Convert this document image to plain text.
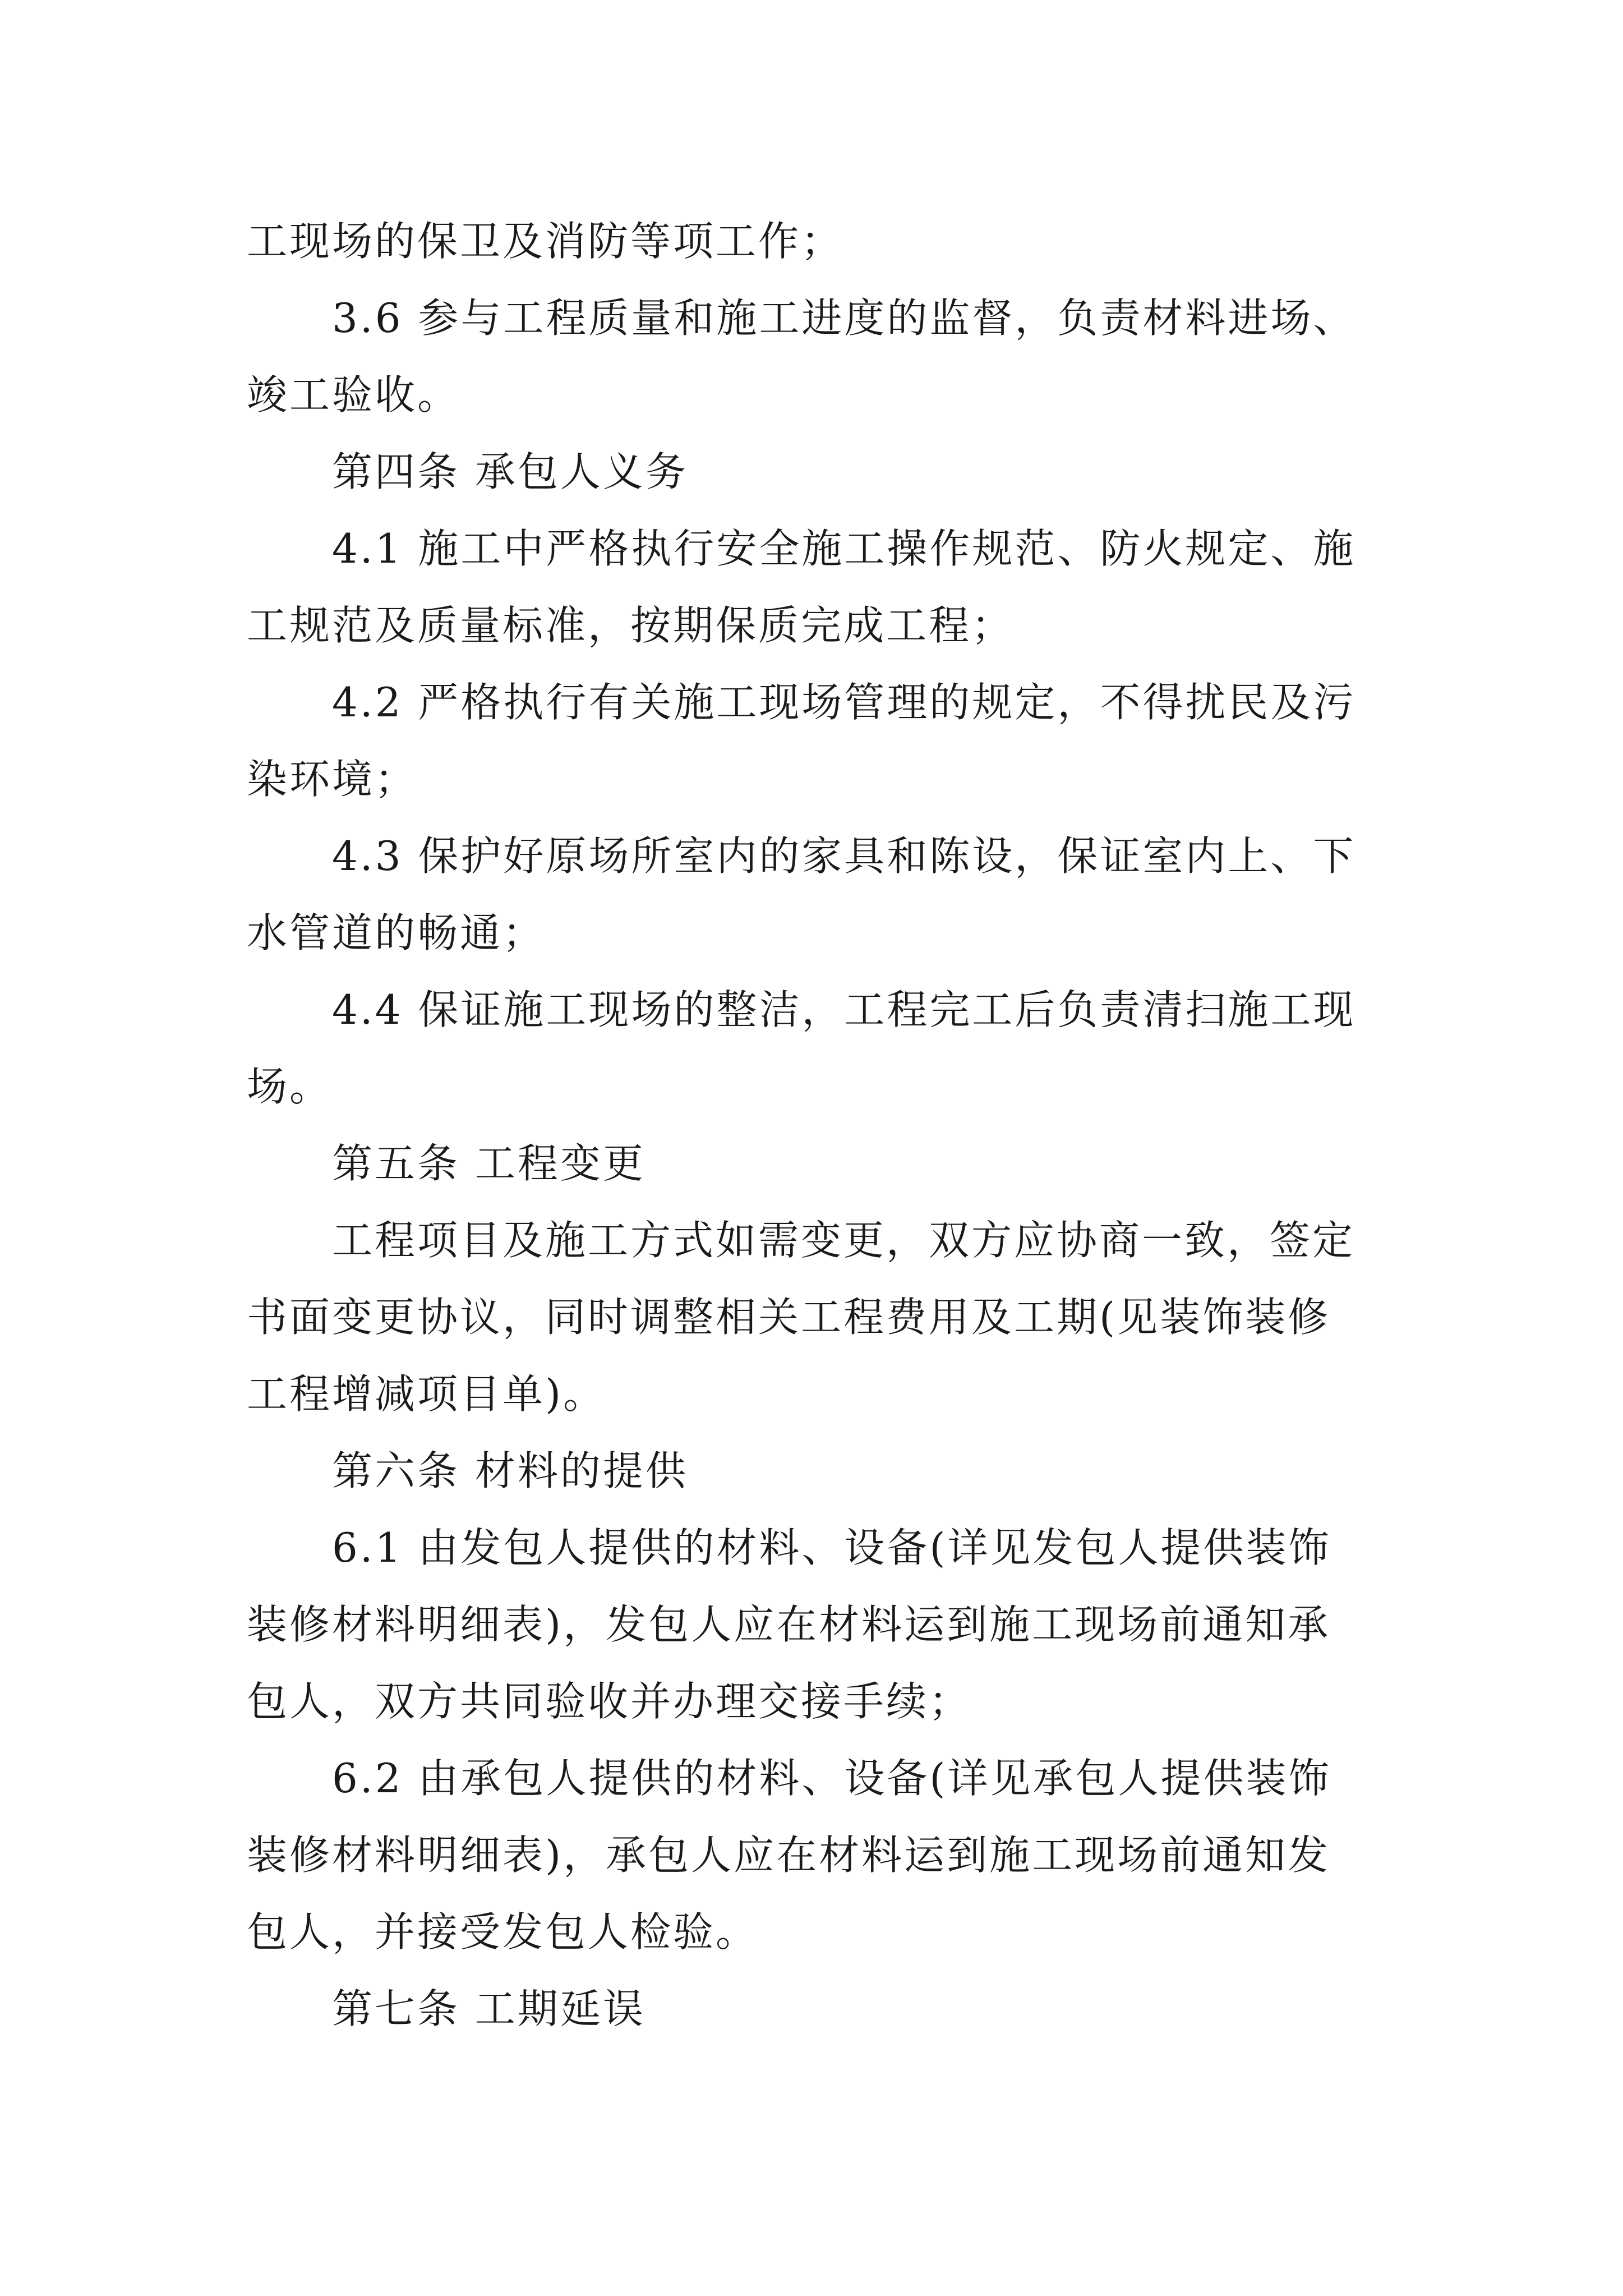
工现场的保卫及消防等项工作；
3.6 参与工程质量和施工进度的监督，负责材料进场、
竣工验收。
第四条 承包人义务
4.1 施工中严格执行安全施工操作规范、防火规定、施
工规范及质量标准，按期保质完成工程；
4.2 严格执行有关施工现场管理的规定，不得扰民及污
染环境；
4.3 保护好原场所室内的家具和陈设，保证室内上、下
水管道的畅通；
4.4 保证施工现场的整洁，工程完工后负责清扫施工现
场。
第五条 工程变更
工程项目及施工方式如需变更，双方应协商一致，签定
书面变更协议，同时调整相关工程费用及工期(见装饰装修
工程增减项目单)。
第六条 材料的提供
6.1 由发包人提供的材料、设备(详见发包人提供装饰
装修材料明细表)，发包人应在材料运到施工现场前通知承
包人，双方共同验收并办理交接手续；
6.2 由承包人提供的材料、设备(详见承包人提供装饰
装修材料明细表)，承包人应在材料运到施工现场前通知发
包人，并接受发包人检验。
第七条 工期延误
